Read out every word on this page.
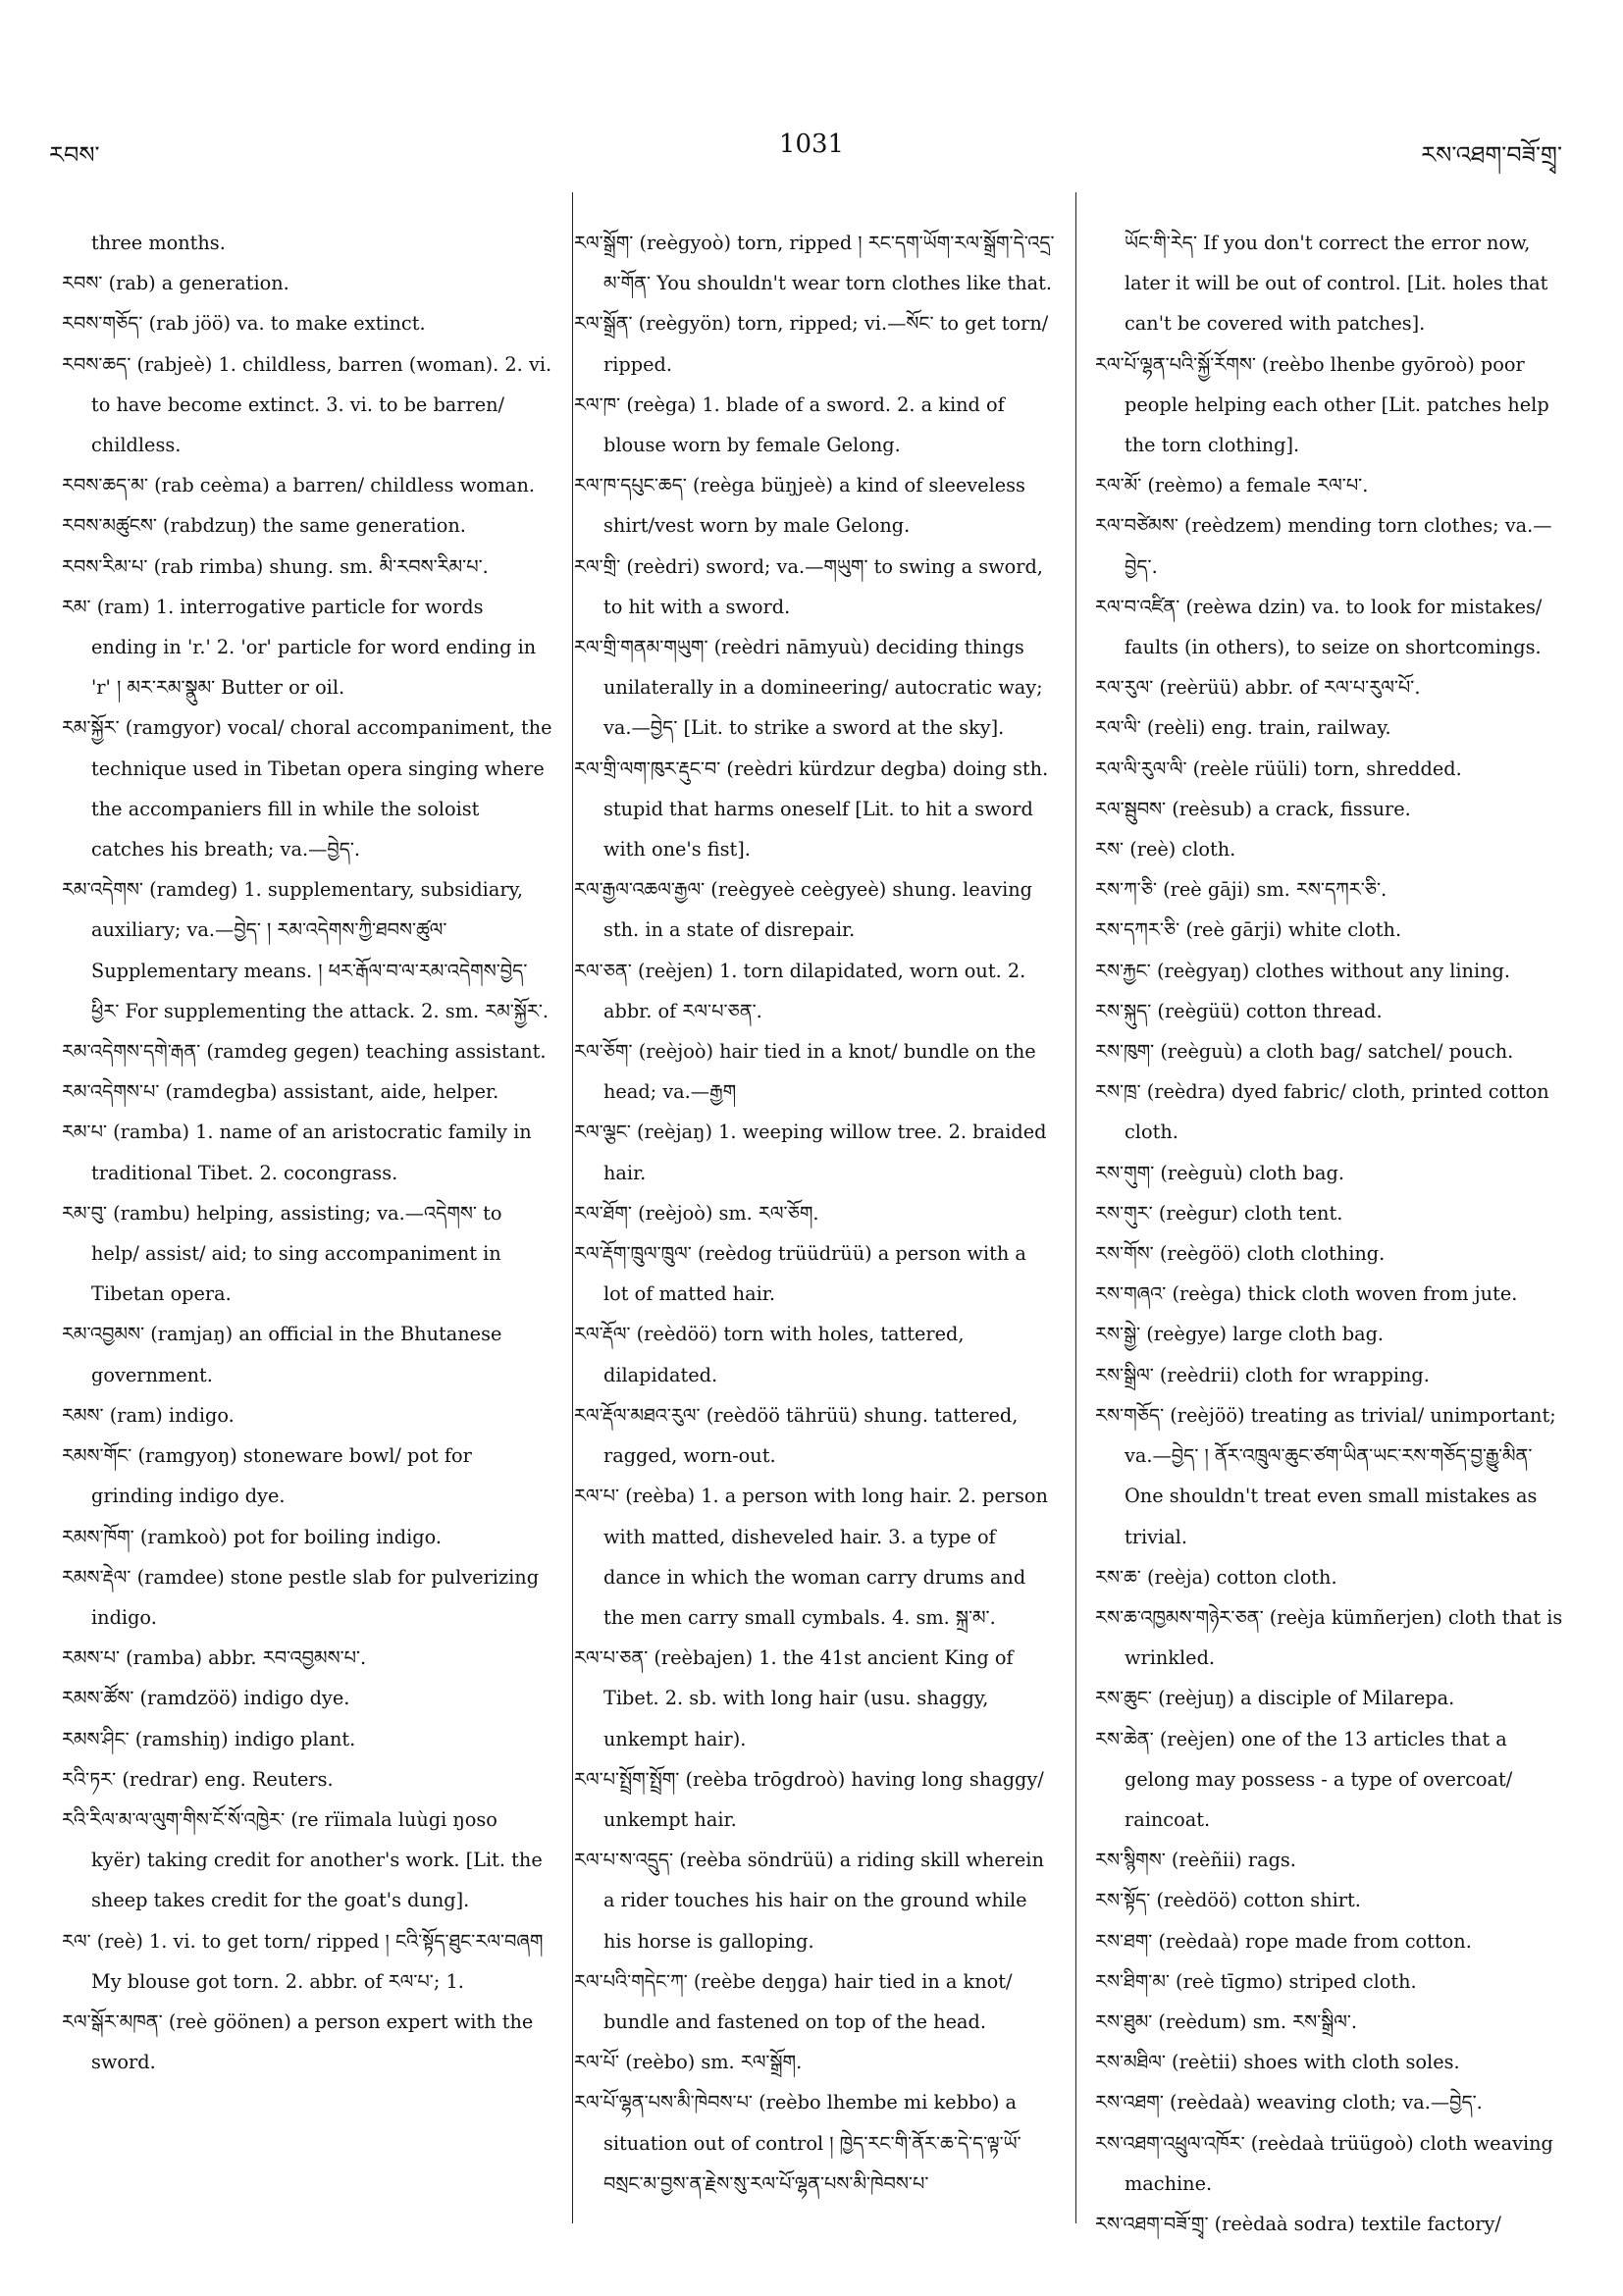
རབས་	1031	རས་འཐག་བཟོ་གྲྭ་

three months.

རབས་ (rab) a generation.

རབས་གཅོད་ (rab jöö) va. to make extinct.

རབས་ཆད་ (rabjeè) 1. childless, barren (woman). 2. vi. to have become extinct. 3. vi. to be barren/ childless.

རབས་ཆད་མ་ (rab ceèma) a barren/ childless woman.

རབས་མཚུངས་ (rabdzuŋ) the same generation.

རབས་རིམ་པ་ (rab rimba) shung. sm. མི་རབས་རིམ་པ་.

རམ་ (ram) 1. interrogative particle for words ending in 'r.' 2. 'or' particle for word ending in 'r' ། མར་རམ་སྣུམ་ Butter or oil.

རམ་སྐྱོར་ (ramgyor) vocal/ choral accompaniment, the technique used in Tibetan opera singing where the accompaniers fill in while the soloist catches his breath; va.—བྱེད་.

རམ་འདེགས་ (ramdeg) 1. supplementary, subsidiary, auxiliary; va.—བྱེད་ ། རམ་འདེགས་ཀྱི་ཐབས་ཚུལ་ Supplementary means. ། ཕར་རྒོལ་བ་ལ་རམ་འདེགས་བྱེད་ཕྱིར་ For supplementing the attack. 2. sm. རམ་སྐྱོར་.

རམ་འདེགས་དགེ་རྒན་ (ramdeg gegen) teaching assistant.

རམ་འདེགས་པ་ (ramdegba) assistant, aide, helper.

རམ་པ་ (ramba) 1. name of an aristocratic family in traditional Tibet. 2. cocongrass.

རམ་བུ་ (rambu) helping, assisting; va.—འདེགས་ to help/ assist/ aid; to sing accompaniment in Tibetan opera.

རམ་འབྱམས་ (ramjaŋ) an official in the Bhutanese government.

རམས་ (ram) indigo.

རམས་གོང་ (ramgyoŋ) stoneware bowl/ pot for grinding indigo dye.

རམས་ཁོག་ (ramkoò) pot for boiling indigo.

རམས་རྡེལ་ (ramdee) stone pestle slab for pulverizing indigo.

རམས་པ་ (ramba) abbr. རབ་འབྱམས་པ་.

རམས་ཚོས་ (ramdzöö) indigo dye.

རམས་ཤིང་ (ramshiŋ) indigo plant.

རའི་ཏར་ (redrar) eng. Reuters.

རའི་རིལ་མ་ལ་ལུག་གིས་ངོ་སོ་འཁྱེར་ (re rïimala luùgi ŋoso kyër) taking credit for another's work. [Lit. the sheep takes credit for the goat's dung].

རལ་ (reè) 1. vi. to get torn/ ripped ། ངའི་སྟོད་ཐུང་རལ་བཞག My blouse got torn. 2. abbr. of རལ་པ་; 1.

རལ་སྒོར་མཁན་ (reè göönen) a person expert with the sword.

རལ་སྒྲོག་ (reègyoò) torn, ripped ། རང་དག་ཡོག་རལ་སྒྲོག་དེ་འདྲ་མ་གོན་ You shouldn't wear torn clothes like that.

རལ་སྒྲོན་ (reègyön) torn, ripped; vi.—སོང་ to get torn/ ripped.

རལ་ཁ་ (reèga) 1. blade of a sword. 2. a kind of blouse worn by female Gelong.

རལ་ཁ་དཔུང་ཆད་ (reèga büŋjeè) a kind of sleeveless shirt/vest worn by male Gelong.

རལ་གྲི་ (reèdri) sword; va.—གཡུག་ to swing a sword, to hit with a sword.

རལ་གྲི་གནམ་གཡུག་ (reèdri nāmyuù) deciding things unilaterally in a domineering/ autocratic way; va.—བྱེད་ [Lit. to strike a sword at the sky].

རལ་གྲི་ལག་ཁུར་རྡུང་བ་ (reèdri kürdzur degba) doing sth. stupid that harms oneself [Lit. to hit a sword with one's fist].

རལ་རྒྱལ་འཆལ་རྒྱལ་ (reègyeè ceègyeè) shung. leaving sth. in a state of disrepair.

རལ་ཅན་ (reèjen) 1. torn dilapidated, worn out. 2. abbr. of རལ་པ་ཅན་.

རལ་ཅོག་ (reèjoò) hair tied in a knot/ bundle on the head; va.—རྒྱག

རལ་ལྕང་ (reèjaŋ) 1. weeping willow tree. 2. braided hair.

རལ་ཐོག་ (reèjoò) sm. རལ་ཅོག.

རལ་རྡོག་ཁྲུལ་ཁྲུལ་ (reèdog trüüdrüü) a person with a lot of matted hair.

རལ་རྡོལ་ (reèdöö) torn with holes, tattered, dilapidated.

རལ་རྡོལ་མཐའ་རུལ་ (reèdöö tährüü) shung. tattered, ragged, worn-out.

རལ་པ་ (reèba) 1. a person with long hair. 2. person with matted, disheveled hair. 3. a type of dance in which the woman carry drums and the men carry small cymbals. 4. sm. སྐྲ་མ་.

རལ་པ་ཅན་ (reèbajen) 1. the 41st ancient King of Tibet. 2. sb. with long hair (usu. shaggy, unkempt hair).

རལ་པ་སྤྲོག་སྤྲོག་ (reèba trōgdroò) having long shaggy/ unkempt hair.

རལ་པ་ས་འདྲུད་ (reèba söndrüü) a riding skill wherein a rider touches his hair on the ground while his horse is galloping.

རལ་པའི་གདེང་ཀ་ (reèbe deŋga) hair tied in a knot/ bundle and fastened on top of the head.

རལ་པོ་ (reèbo) sm. རལ་སྒྲོག.

རལ་པོ་ལྷན་པས་མི་ཁེབས་པ་ (reèbo lhembe mi kebbo) a situation out of control ། ཁྱེད་རང་གི་ནོར་ཆ་དེ་ད་ལྟ་ཡོ་བསྲང་མ་བྱས་ན་རྗེས་སུ་རལ་པོ་ལྷན་པས་མི་ཁེབས་པ་

ཡོང་གི་རེད་ If you don't correct the error now, later it will be out of control. [Lit. holes that can't be covered with patches].

རལ་པོ་ལྷན་པའི་སྐྱོ་རོགས་ (reèbo lhenbe gyōroò) poor people helping each other [Lit. patches help the torn clothing].

རལ་མོ་ (reèmo) a female རལ་པ་.

རལ་བཙེམས་ (reèdzem) mending torn clothes; va.—བྱེད་.

རལ་བ་འཛིན་ (reèwa dzin) va. to look for mistakes/ faults (in others), to seize on shortcomings.

རལ་རུལ་ (reèrüü) abbr. of རལ་པ་རུལ་པོ་.

རལ་ལི་ (reèli) eng. train, railway.

རལ་ལི་རུལ་ལི་ (reèle rüüli) torn, shredded.

རལ་སྦུབས་ (reèsub) a crack, fissure.

རས་ (reè) cloth.

རས་ཀ་ཅི་ (reè gāji) sm. རས་དཀར་ཅི་.

རས་དཀར་ཅི་ (reè gārji) white cloth.

རས་རྐྱང་ (reègyaŋ) clothes without any lining.

རས་སྐུད་ (reègüü) cotton thread.

རས་ཁུག་ (reèguù) a cloth bag/ satchel/ pouch.

རས་ཁྲ་ (reèdra) dyed fabric/ cloth, printed cotton cloth.

རས་གུག་ (reèguù) cloth bag.

རས་གུར་ (reègur) cloth tent.

རས་གོས་ (reègöö) cloth clothing.

རས་གཞའ་ (reèga) thick cloth woven from jute.

རས་སྒྱེ་ (reègye) large cloth bag.

རས་སྒྲིལ་ (reèdrii) cloth for wrapping.

རས་གཅོད་ (reèjöö) treating as trivial/ unimportant; va.—བྱེད་ ། ནོར་འཁྲུལ་ཆུང་ཙག་ཡིན་ཡང་རས་གཅོད་བྱ་རྒྱུ་མིན་ One shouldn't treat even small mistakes as trivial.

རས་ཆ་ (reèja) cotton cloth.

རས་ཆ་འཁྱམས་གཉེར་ཅན་ (reèja kümñerjen) cloth that is wrinkled.

རས་ཆུང་ (reèjuŋ) a disciple of Milarepa.

རས་ཆེན་ (reèjen) one of the 13 articles that a gelong may possess - a type of overcoat/ raincoat.

རས་སྙིགས་ (reèñii) rags.

རས་སྟོད་ (reèdöö) cotton shirt.

རས་ཐག་ (reèdaà) rope made from cotton.

རས་ཐིག་མ་ (reè tīgmo) striped cloth.

རས་ཐུམ་ (reèdum) sm. རས་སྒྲིལ་.

རས་མཐིལ་ (reètii) shoes with cloth soles.

རས་འཐག་ (reèdaà) weaving cloth; va.—བྱེད་.

རས་འཐག་འཕྲུལ་འཁོར་ (reèdaà trüügoò) cloth weaving machine.

རས་འཐག་བཟོ་གྲྭ་ (reèdaà sodra) textile factory/
